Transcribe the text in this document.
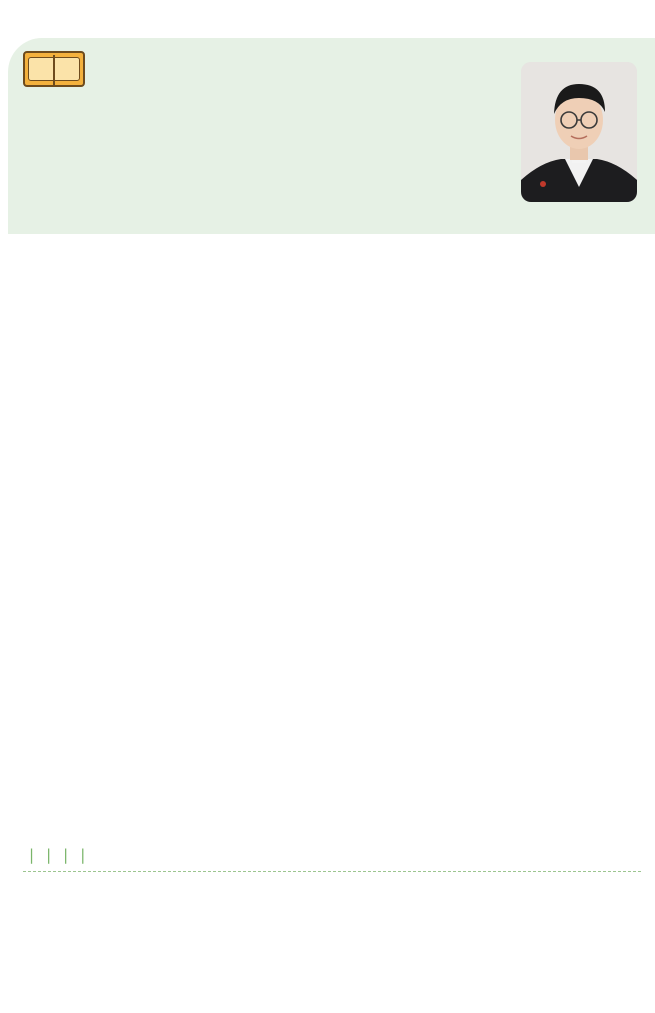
| | | |
